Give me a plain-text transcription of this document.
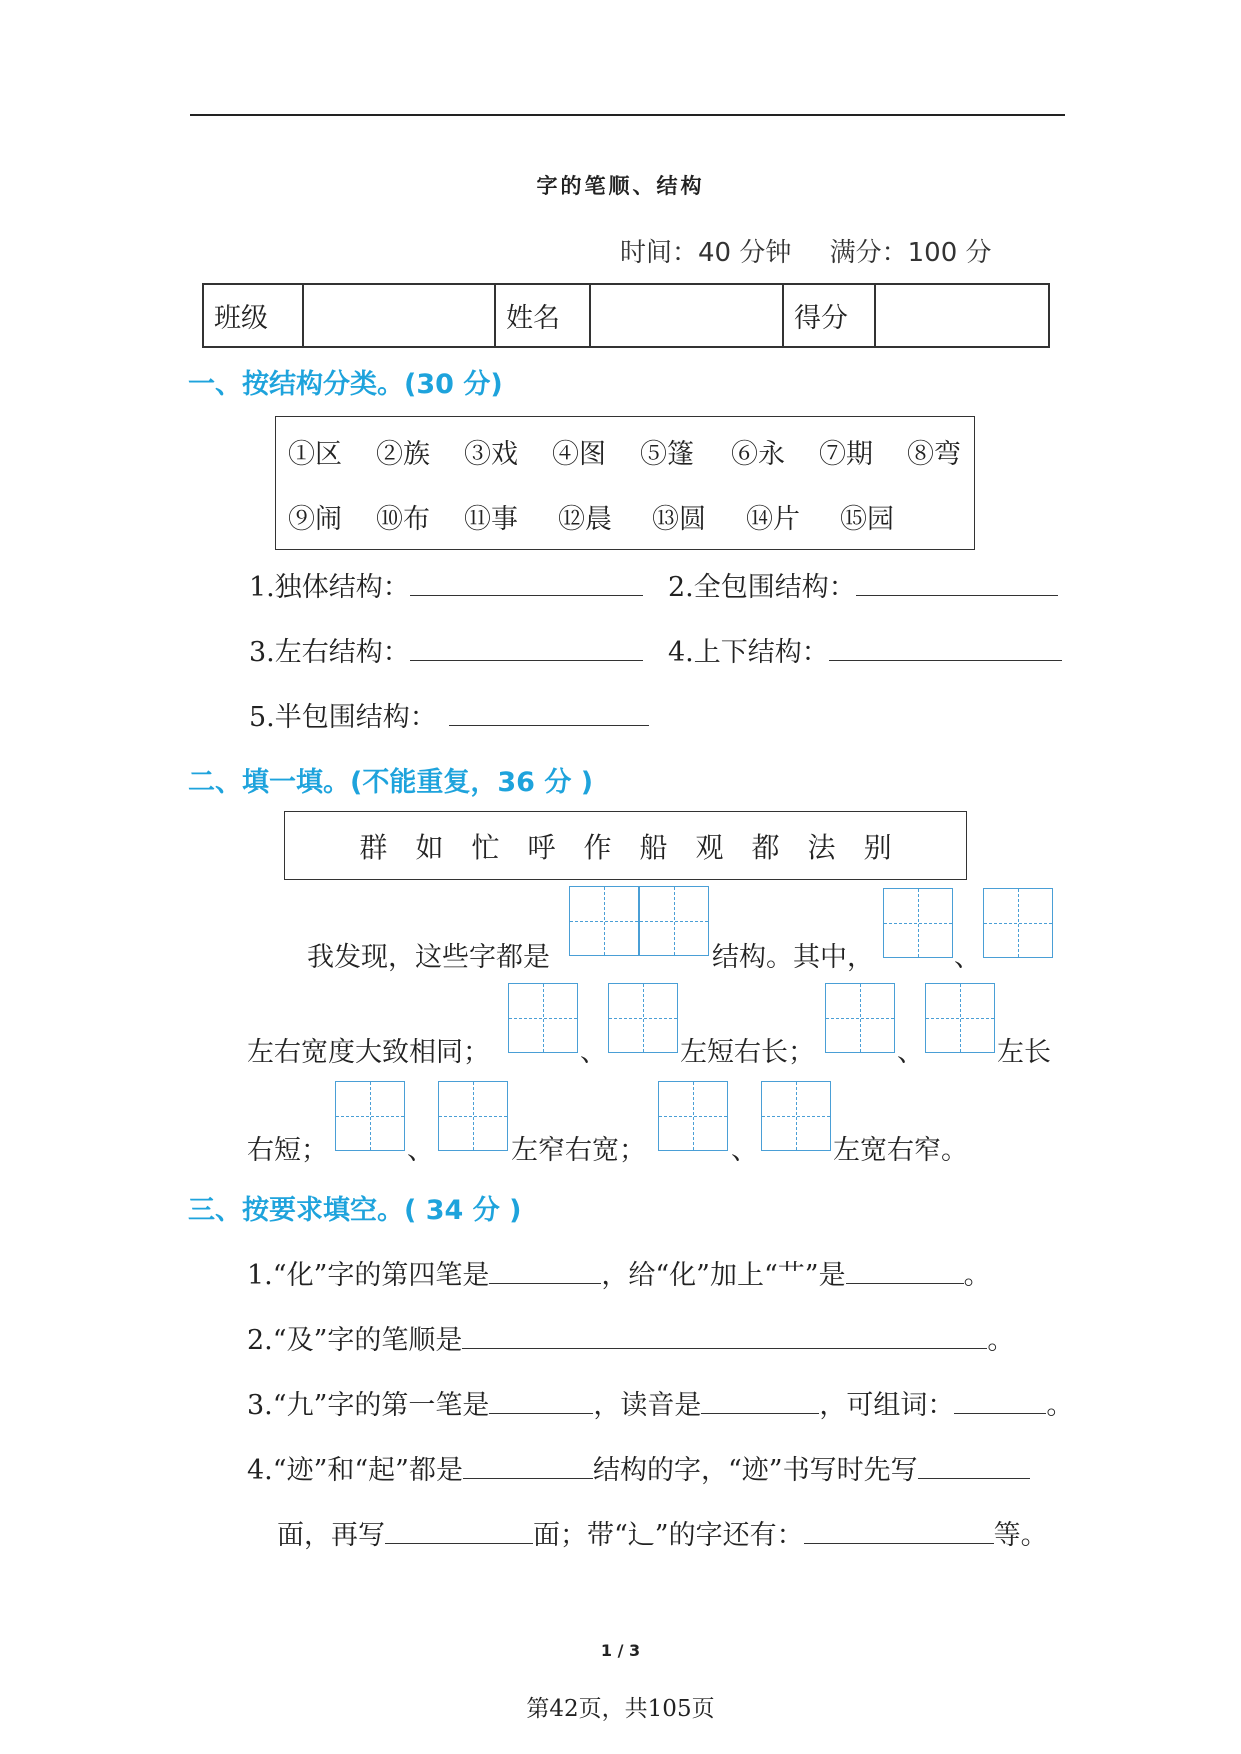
字的笔顺、结构
时间：40 分钟 满分：100 分
班级		姓名		得分	
一、按结构分类。(30 分)
①区	②族	③戏	④图	⑤篷	⑥永	⑦期	⑧弯
⑨闹	⑩布	⑪事	⑫晨	⑬圆	⑭片	⑮园
1.独体结构：	2.全包围结构：
3.左右结构：	4.上下结构：
5.半包围结构：
二、填一填。(不能重复，36 分 )
群 如 忙 呼 作 船 观 都 法 别
我发现，这些字都是	结构。其中，	、
左右宽度大致相同；	、	左短右长；	、	左长
右短；	、	左窄右宽；	、	左宽右窄。
三、按要求填空。( 34 分 )
1.“化”字的第四笔是	，给“化”加上“艹”是	。
2.“及”字的笔顺是	。
3.“九”字的第一笔是	，读音是	，可组词：	。
4.“迹”和“起”都是	结构的字，“迹”书写时先写
面，再写	面；带“辶”的字还有：	等。
1 / 3
第42页，共105页
